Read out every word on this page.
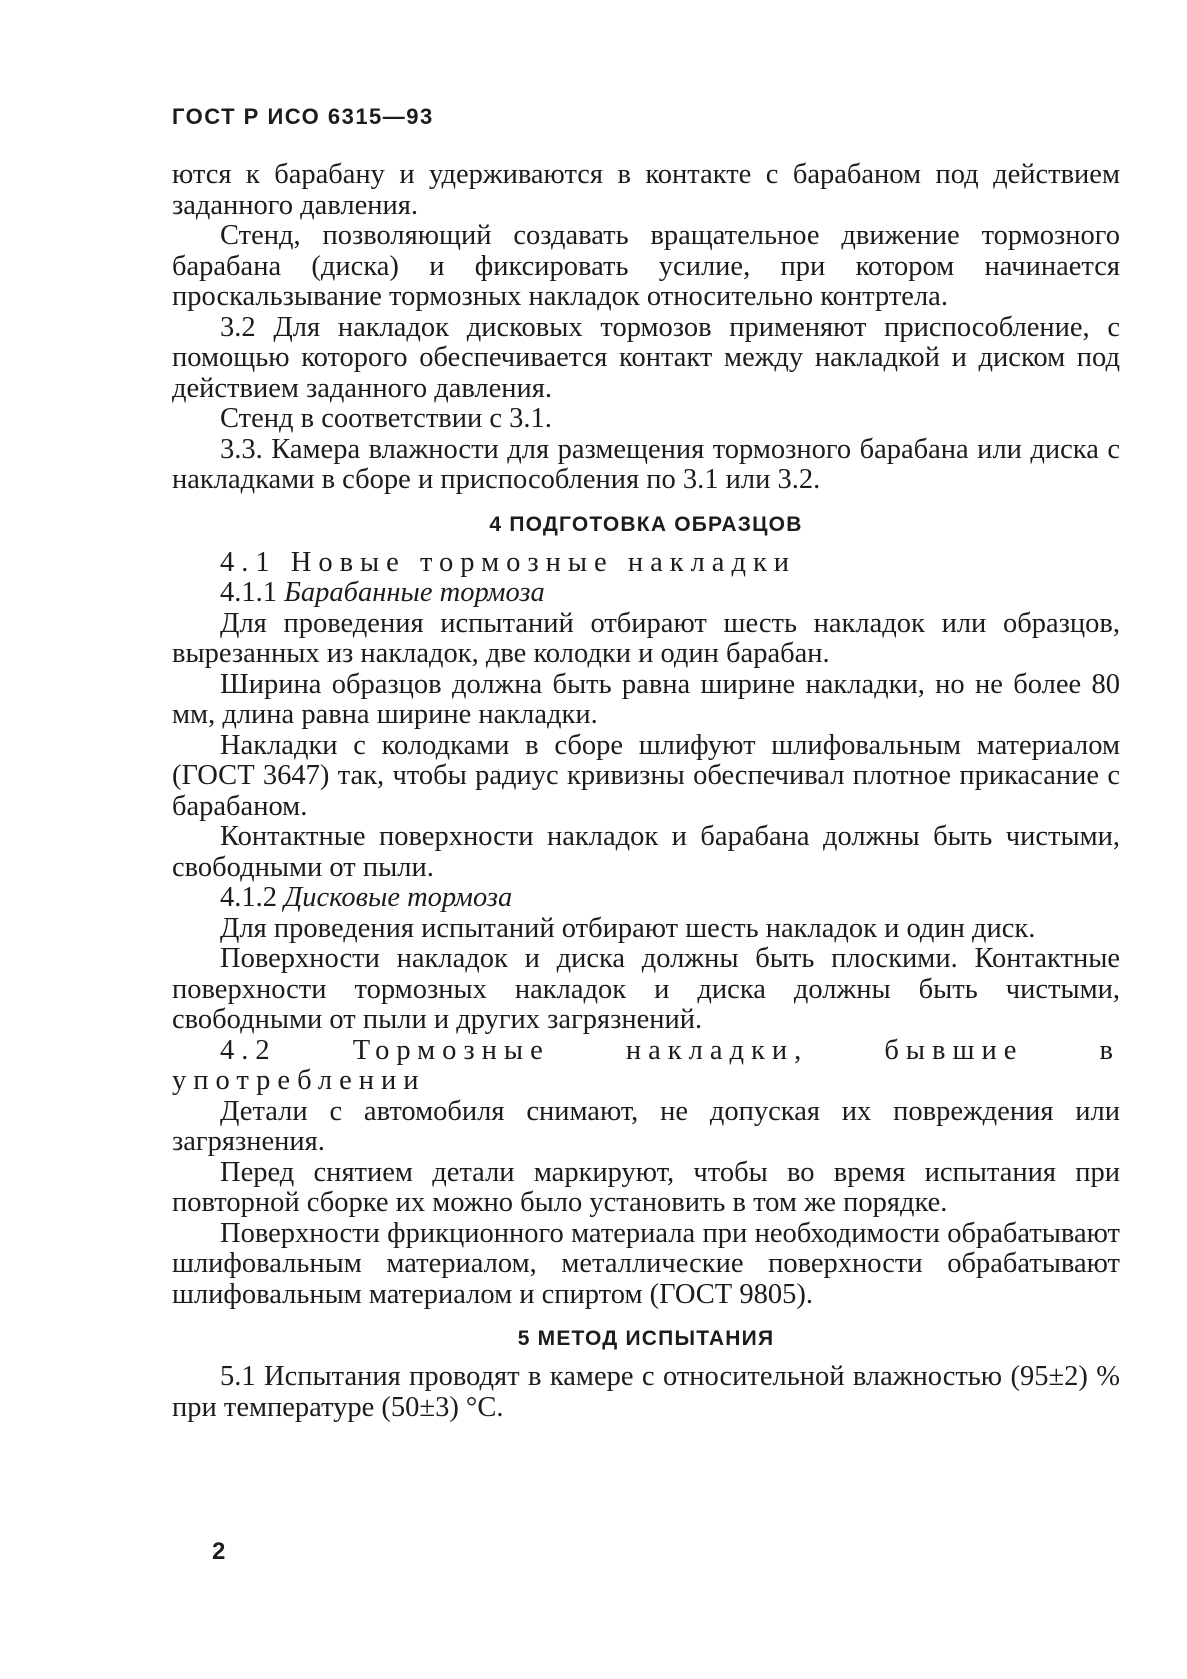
ГОСТ Р ИСО 6315—93

ются к барабану и удерживаются в контакте с барабаном под действием заданного давления.

Стенд, позволяющий создавать вращательное движение тормозного барабана (диска) и фиксировать усилие, при котором начинается проскальзывание тормозных накладок относительно контртела.

3.2 Для накладок дисковых тормозов применяют приспособление, с помощью которого обеспечивается контакт между накладкой и диском под действием заданного давления.

Стенд в соответствии с 3.1.

3.3. Камера влажности для размещения тормозного барабана или диска с накладками в сборе и приспособления по 3.1 или 3.2.

4 ПОДГОТОВКА ОБРАЗЦОВ

4.1 Новые тормозные накладки

4.1.1 Барабанные тормоза

Для проведения испытаний отбирают шесть накладок или образцов, вырезанных из накладок, две колодки и один барабан.

Ширина образцов должна быть равна ширине накладки, но не более 80 мм, длина равна ширине накладки.

Накладки с колодками в сборе шлифуют шлифовальным материалом (ГОСТ 3647) так, чтобы радиус кривизны обеспечивал плотное прикасание с барабаном.

Контактные поверхности накладок и барабана должны быть чистыми, свободными от пыли.

4.1.2 Дисковые тормоза

Для проведения испытаний отбирают шесть накладок и один диск.

Поверхности накладок и диска должны быть плоскими. Контактные поверхности тормозных накладок и диска должны быть чистыми, свободными от пыли и других загрязнений.

4.2 Тормозные накладки, бывшие в употреблении

Детали с автомобиля снимают, не допуская их повреждения или загрязнения.

Перед снятием детали маркируют, чтобы во время испытания при повторной сборке их можно было установить в том же порядке.

Поверхности фрикционного материала при необходимости обрабатывают шлифовальным материалом, металлические поверхности обрабатывают шлифовальным материалом и спиртом (ГОСТ 9805).

5 МЕТОД ИСПЫТАНИЯ

5.1 Испытания проводят в камере с относительной влажностью (95±2) % при температуре (50±3) °С.

2
